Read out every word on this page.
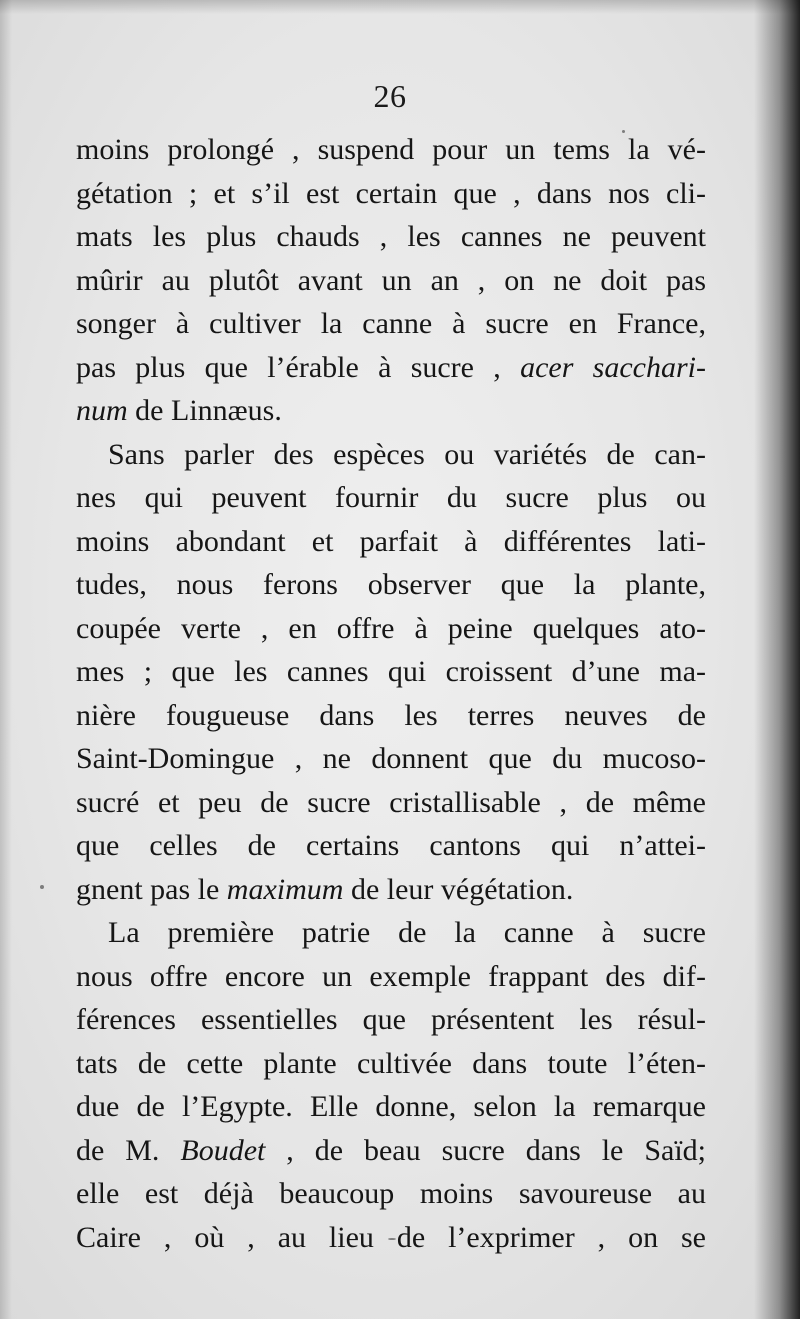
26
moins prolongé , suspend pour un tems la vé-
gétation ; et s’il est certain que , dans nos cli-
mats les plus chauds , les cannes ne peuvent
mûrir au plutôt avant un an , on ne doit pas
songer à cultiver la canne à sucre en France,
pas plus que l’érable à sucre , acer sacchari-
num de Linnæus.
Sans parler des espèces ou variétés de can-
nes qui peuvent fournir du sucre plus ou
moins abondant et parfait à différentes lati-
tudes, nous ferons observer que la plante,
coupée verte , en offre à peine quelques ato-
mes ; que les cannes qui croissent d’une ma-
nière fougueuse dans les terres neuves de
Saint-Domingue , ne donnent que du mucoso-
sucré et peu de sucre cristallisable , de même
que celles de certains cantons qui n’attei-
gnent pas le maximum de leur végétation.
La première patrie de la canne à sucre
nous offre encore un exemple frappant des dif-
férences essentielles que présentent les résul-
tats de cette plante cultivée dans toute l’éten-
due de l’Egypte. Elle donne, selon la remarque
de M. Boudet , de beau sucre dans le Saïd;
elle est déjà beaucoup moins savoureuse au
Caire , où , au lieu de l’exprimer , on se
